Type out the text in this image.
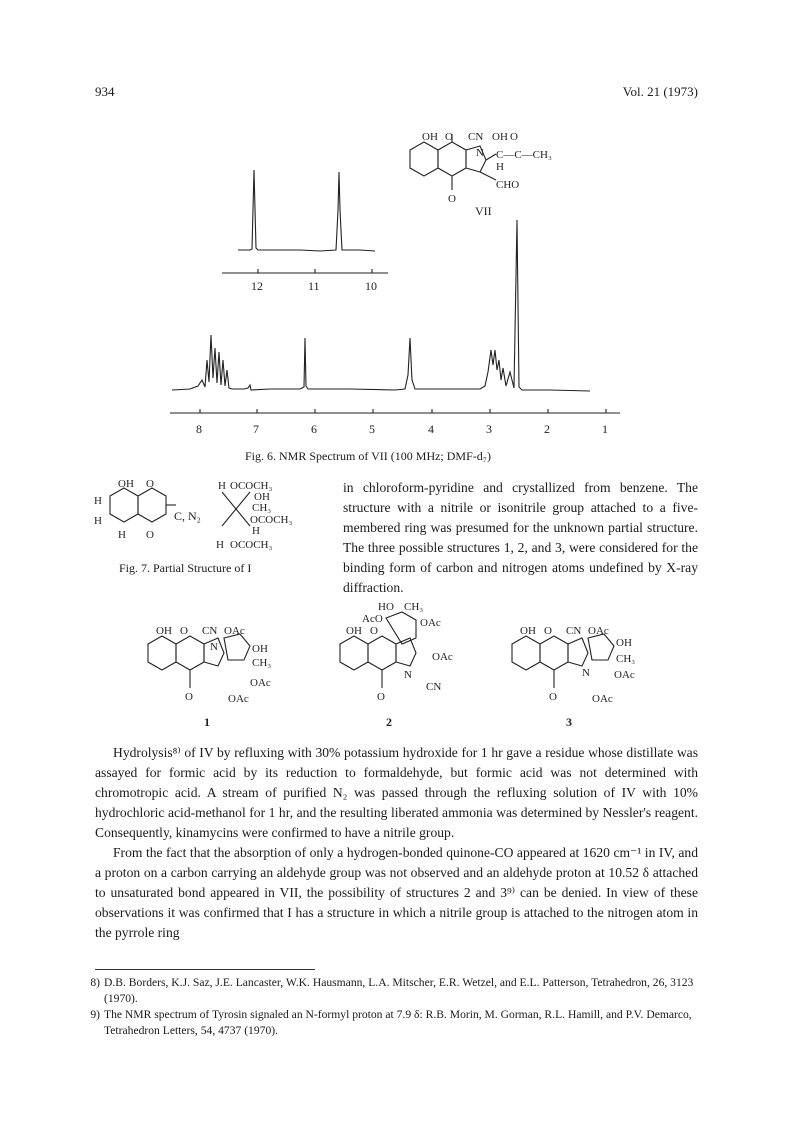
934	Vol. 21 (1973)
12	11	10
8	7	6	5	4	3	2	1
OH O CN OH O
N C—C—CH₃
H
CHO
O
VII
Fig. 6. NMR Spectrum of VII (100 MHz; DMF-d₇)
OH O
H
H
H O
C, N₂
H OCOCH₃
OH
CH₃
OCOCH₃
H
H OCOCH₃
Fig. 7. Partial Structure of I
in chloroform-pyridine and crystallized from benzene. The structure with a nitrile or isonitrile group attached to a five-membered ring was presumed for the unknown partial structure. The three possible structures 1, 2, and 3, were considered for the binding form of carbon and nitrogen atoms undefined by X-ray diffraction.
OH O CN OAc
N	OH
CH₃
OAc
OAc
O
HO CH₃
AcO	OAc
OH O
OAc
N
CN
O
OH O CN OAc
OH
CH₃
N OAc
OAc
O
1	2	3

Hydrolysis⁸⁾ of IV by refluxing with 30% potassium hydroxide for 1 hr gave a residue whose distillate was assayed for formic acid by its reduction to formaldehyde, but formic acid was not determined with chromotropic acid. A stream of purified N₂ was passed through the refluxing solution of IV with 10% hydrochloric acid-methanol for 1 hr, and the resulting liberated ammonia was determined by Nessler's reagent. Consequently, kinamycins were confirmed to have a nitrile group.

From the fact that the absorption of only a hydrogen-bonded quinone-CO appeared at 1620 cm⁻¹ in IV, and a proton on a carbon carrying an aldehyde group was not observed and an aldehyde proton at 10.52 δ attached to unsaturated bond appeared in VII, the possibility of structures 2 and 3⁹⁾ can be denied. In view of these observations it was confirmed that I has a structure in which a nitrile group is attached to the nitrogen atom in the pyrrole ring

8) D.B. Borders, K.J. Saz, J.E. Lancaster, W.K. Hausmann, L.A. Mitscher, E.R. Wetzel, and E.L. Patterson, Tetrahedron, 26, 3123 (1970).
9) The NMR spectrum of Tyrosin signaled an N-formyl proton at 7.9 δ: R.B. Morin, M. Gorman, R.L. Hamill, and P.V. Demarco, Tetrahedron Letters, 54, 4737 (1970).
